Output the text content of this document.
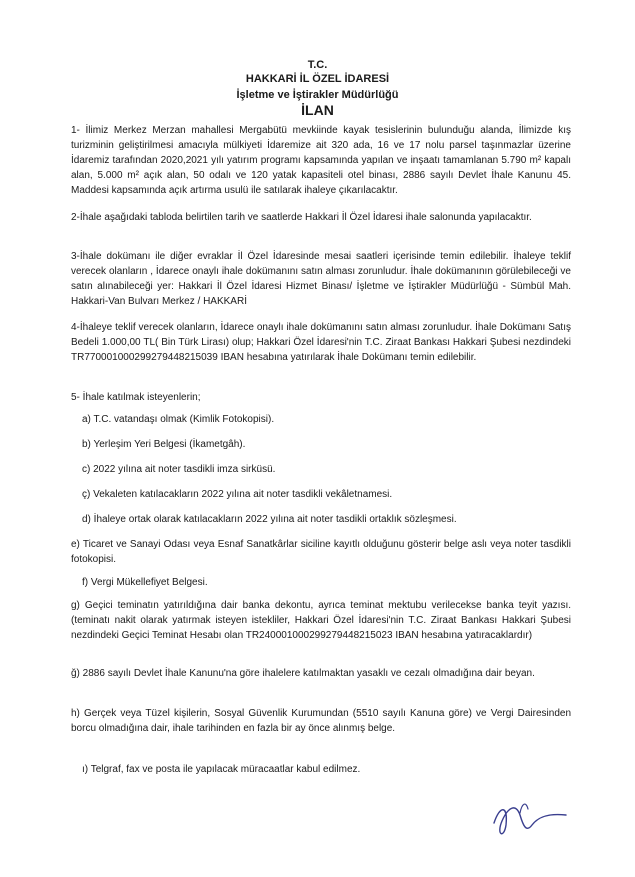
T.C.
HAKKARİ İL ÖZEL İDARESİ
İşletme ve İştirakler Müdürlüğü
İLAN

1- İlimiz Merkez Merzan mahallesi Mergabütü mevkiinde kayak tesislerinin bulunduğu alanda, İlimizde kış turizminin geliştirilmesi amacıyla mülkiyeti İdaremize ait 320 ada, 16 ve 17 nolu parsel taşınmazlar üzerine İdaremiz tarafından 2020,2021 yılı yatırım programı kapsamında yapılan ve inşaatı tamamlanan 5.790 m² kapalı alan, 5.000 m² açık alan, 50 odalı ve 120 yatak kapasiteli otel binası, 2886 sayılı Devlet İhale Kanunu 45. Maddesi kapsamında açık artırma usulü ile satılarak ihaleye çıkarılacaktır.

2-İhale aşağıdaki tabloda belirtilen tarih ve saatlerde Hakkari İl Özel İdaresi ihale salonunda yapılacaktır.

3-İhale dokümanı ile diğer evraklar İl Özel İdaresinde mesai saatleri içerisinde temin edilebilir. İhaleye teklif verecek olanların , İdarece onaylı ihale dokümanını satın alması zorunludur. İhale dokümanının görülebileceği ve satın alınabileceği yer: Hakkari İl Özel İdaresi Hizmet Binası/ İşletme ve İştirakler Müdürlüğü - Sümbül Mah. Hakkari-Van Bulvarı Merkez / HAKKARİ

4-İhaleye teklif verecek olanların, İdarece onaylı ihale dokümanını satın alması zorunludur. İhale Dokümanı Satış Bedeli 1.000,00 TL( Bin Türk Lirası) olup; Hakkari Özel İdaresi'nin T.C. Ziraat Bankası Hakkari Şubesi nezdindeki TR770001000299279448215039 IBAN hesabına yatırılarak İhale Dokümanı temin edilebilir.

5- İhale katılmak isteyenlerin;

a) T.C. vatandaşı olmak (Kimlik Fotokopisi).

b) Yerleşim Yeri Belgesi (İkametgâh).

c) 2022 yılına ait noter tasdikli imza sirküsü.

ç) Vekaleten katılacakların 2022 yılına ait noter tasdikli vekâletnamesi.

d) İhaleye ortak olarak katılacakların 2022 yılına ait noter tasdikli ortaklık sözleşmesi.

e) Ticaret ve Sanayi Odası veya Esnaf Sanatkârlar siciline kayıtlı olduğunu gösterir belge aslı veya noter tasdikli fotokopisi.

f) Vergi Mükellefiyet Belgesi.

g) Geçici teminatın yatırıldığına dair banka dekontu, ayrıca teminat mektubu verilecekse banka teyit yazısı. (teminatı nakit olarak yatırmak isteyen istekliler, Hakkari Özel İdaresi'nin T.C. Ziraat Bankası Hakkari Şubesi nezdindeki Geçici Teminat Hesabı olan TR240001000299279448215023 IBAN hesabına yatıracaklardır)

ğ) 2886 sayılı Devlet İhale Kanunu'na göre ihalelere katılmaktan yasaklı ve cezalı olmadığına dair beyan.

h) Gerçek veya Tüzel kişilerin, Sosyal Güvenlik Kurumundan (5510 sayılı Kanuna göre) ve Vergi Dairesinden borcu olmadığına dair, ihale tarihinden en fazla bir ay önce alınmış belge.

ı) Telgraf, fax ve posta ile yapılacak müracaatlar kabul edilmez.
